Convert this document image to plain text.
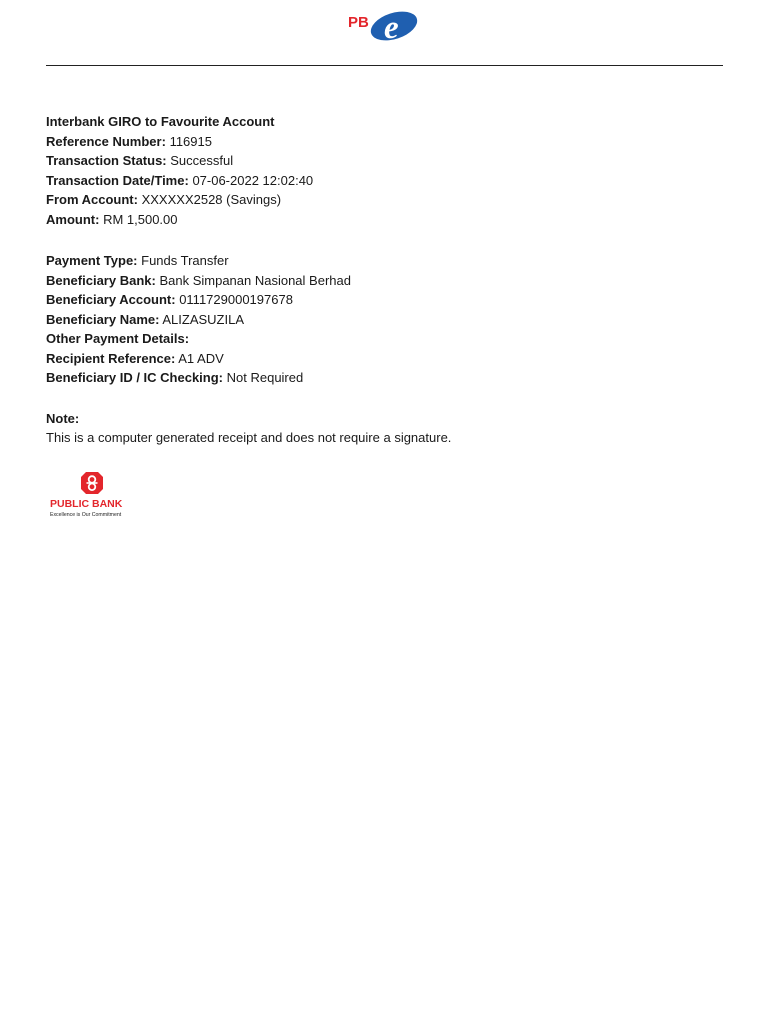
PB e
Interbank GIRO to Favourite Account
Reference Number: 116915
Transaction Status: Successful
Transaction Date/Time: 07-06-2022 12:02:40
From Account: XXXXXX2528 (Savings)
Amount: RM 1,500.00
Payment Type: Funds Transfer
Beneficiary Bank: Bank Simpanan Nasional Berhad
Beneficiary Account: 0111729000197678
Beneficiary Name: ALIZASUZILA
Other Payment Details:
Recipient Reference: A1 ADV
Beneficiary ID / IC Checking: Not Required
Note:
This is a computer generated receipt and does not require a signature.
PUBLIC BANK
Excellence is Our Commitment
